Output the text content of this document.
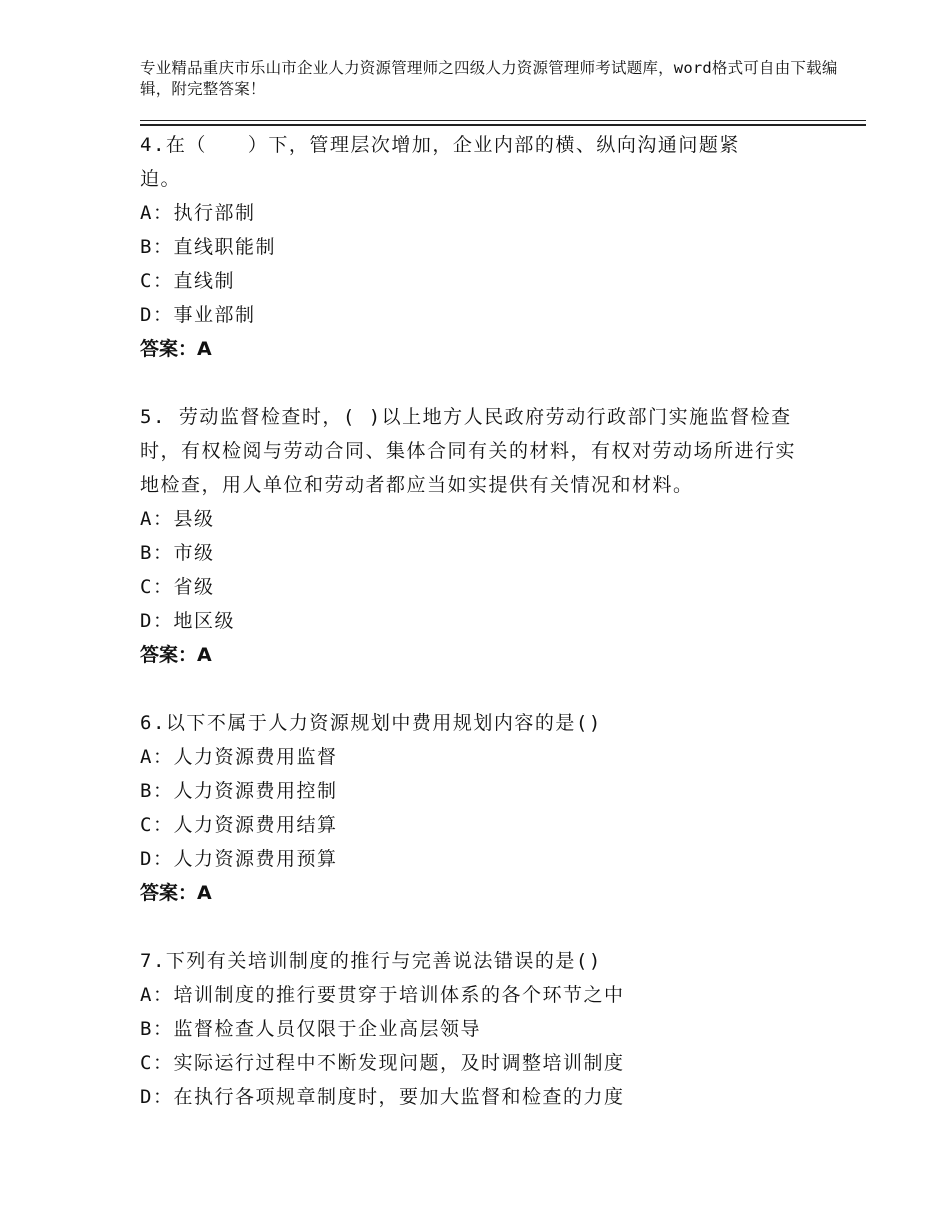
专业精品重庆市乐山市企业人力资源管理师之四级人力资源管理师考试题库，word格式可自由下载编辑，附完整答案！

4.在（　　）下，管理层次增加，企业内部的横、纵向沟通问题紧迫。

A：执行部制

B：直线职能制

C：直线制

D：事业部制

答案：A

5. 劳动监督检查时，( )以上地方人民政府劳动行政部门实施监督检查时，有权检阅与劳动合同、集体合同有关的材料，有权对劳动场所进行实地检查，用人单位和劳动者都应当如实提供有关情况和材料。

A：县级

B：市级

C：省级

D：地区级

答案：A

6.以下不属于人力资源规划中费用规划内容的是()

A：人力资源费用监督

B：人力资源费用控制

C：人力资源费用结算

D：人力资源费用预算

答案：A

7.下列有关培训制度的推行与完善说法错误的是()

A：培训制度的推行要贯穿于培训体系的各个环节之中

B：监督检查人员仅限于企业高层领导

C：实际运行过程中不断发现问题，及时调整培训制度

D：在执行各项规章制度时，要加大监督和检查的力度
